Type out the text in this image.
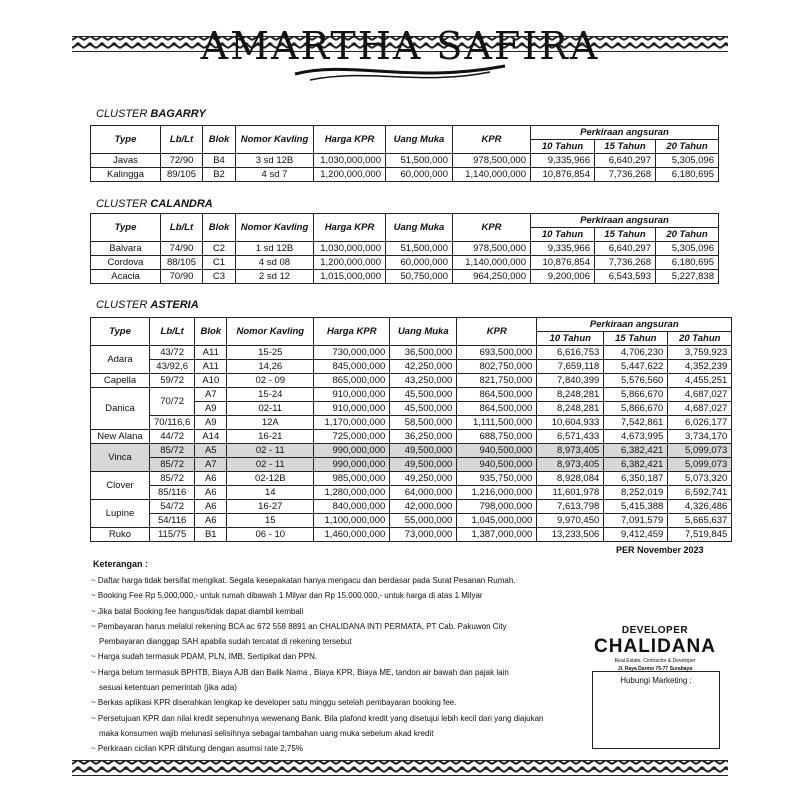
AMARTHA SAFIRA
CLUSTER BAGARRY
Type	Lb/Lt	Blok	Nomor Kavling	Harga KPR	Uang Muka	KPR	Perkiraan angsuran		
							10 Tahun	15 Tahun	20 Tahun
Javas	72/90	B4	3 sd 12B	1,030,000,000	51,500,000	978,500,000	9,335,966	6,640,297	5,305,096
Kalingga	89/105	B2	4 sd 7	1,200,000,000	60,000,000	1,140,000,000	10,876,854	7,736,268	6,180,695
CLUSTER CALANDRA
Type	Lb/Lt	Blok	Nomor Kavling	Harga KPR	Uang Muka	KPR	Perkiraan angsuran		
							10 Tahun	15 Tahun	20 Tahun
Balvara	74/90	C2	1 sd 12B	1,030,000,000	51,500,000	978,500,000	9,335,966	6,640,297	5,305,096
Cordova	88/105	C1	4 sd 08	1,200,000,000	60,000,000	1,140,000,000	10,876,854	7,736,268	6,180,695
Acacia	70/90	C3	2 sd 12	1,015,000,000	50,750,000	964,250,000	9,200,006	6,543,593	5,227,838
CLUSTER ASTERIA
Type	Lb/Lt	Blok	Nomor Kavling	Harga KPR	Uang Muka	KPR	Perkiraan angsuran		
							10 Tahun	15 Tahun	20 Tahun
Adara	43/72	A11	15-25	730,000,000	36,500,000	693,500,000	6,616,753	4,706,230	3,759,923
	43/92,6	A11	14,26	845,000,000	42,250,000	802,750,000	7,659,118	5,447,622	4,352,239
Capella	59/72	A10	02 - 09	865,000,000	43,250,000	821,750,000	7,840,399	5,576,560	4,455,251
Danica	70/72	A7	15-24	910,000,000	45,500,000	864,500,000	8,248,281	5,866,670	4,687,027
		A9	02-11	910,000,000	45,500,000	864,500,000	8,248,281	5,866,670	4,687,027
	70/116,6	A9	12A	1,170,000,000	58,500,000	1,111,500,000	10,604,933	7,542,861	6,026,177
New Alana	44/72	A14	16-21	725,000,000	36,250,000	688,750,000	6,571,433	4,673,995	3,734,170
Vinca	85/72	A5	02 - 11	990,000,000	49,500,000	940,500,000	8,973,405	6,382,421	5,099,073
	85/72	A7	02 - 11	990,000,000	49,500,000	940,500,000	8,973,405	6,382,421	5,099,073
Clover	85/72	A6	02-12B	985,000,000	49,250,000	935,750,000	8,928,084	6,350,187	5,073,320
	85/116	A6	14	1,280,000,000	64,000,000	1,216,000,000	11,601,978	8,252,019	6,592,741
Lupine	54/72	A6	16-27	840,000,000	42,000,000	798,000,000	7,613,798	5,415,388	4,326,486
	54/116	A6	15	1,100,000,000	55,000,000	1,045,000,000	9,970,450	7,091,579	5,665,637
Ruko	115/75	B1	06 - 10	1,460,000,000	73,000,000	1,387,000,000	13,233,506	9,412,459	7,519,845
PER November 2023
Keterangan :
~ Daftar harga tidak bersifat mengikat. Segala kesepakatan hanya mengacu dan berdasar pada Surat Pesanan Rumah.
~ Booking Fee Rp 5,000,000,- untuk rumah dibawah 1 Milyar dan Rp 15.000.000,- untuk harga di atas 1 Milyar
~ Jika batal Booking fee hangus/tidak dapat diambil kembali
~ Pembayaran harus melalui rekening BCA ac 672 558 8891 an CHALIDANA INTI PERMATA, PT Cab. Pakuwon City
Pembayaran dianggap SAH apabila sudah tercatat di rekening tersebut
~ Harga sudah termasuk PDAM, PLN, IMB, Sertipikat dan PPN.
~ Harga belum termasuk BPHTB, Biaya AJB dan Balik Nama , Biaya KPR, Biaya ME, tandon air bawah dan pajak lain
sesuai ketentuan pemerintah (jika ada)
~ Berkas aplikasi KPR diserahkan lengkap ke developer satu minggu setelah pembayaran booking fee.
~ Persetujuan KPR dan nilai kredit sepenuhnya wewenang Bank. Bila plafond kredit yang disetujui lebih kecil dari yang diajukan
maka konsumen wajib melunasi selisihnya sebagai tambahan uang muka sebelum akad kredit
~ Perkiraan cicilan KPR dihitung dengan asumsi rate 2,75%
DEVELOPER
CHALIDANA
Real Estate, Contractor & Developer
Jl. Raya Darmo 75-77 Surabaya
Hubungi Marketing :
